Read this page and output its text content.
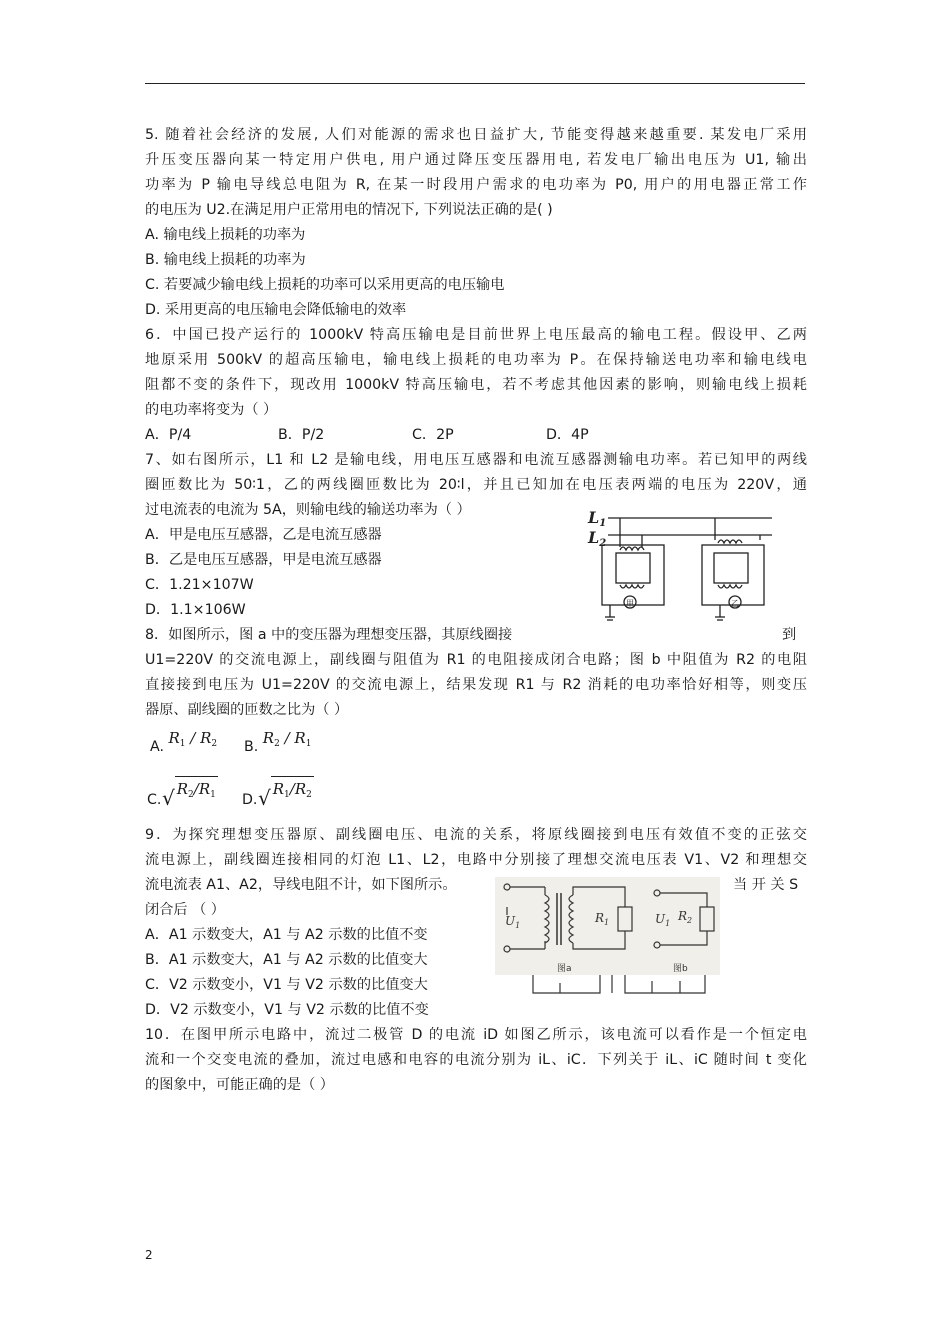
5. 随着社会经济的发展, 人们对能源的需求也日益扩大, 节能变得越来越重要. 某发电厂采用
升压变压器向某一特定用户供电, 用户通过降压变压器用电, 若发电厂输出电压为 U1, 输出
功率为 P 输电导线总电阻为 R, 在某一时段用户需求的电功率为 P0, 用户的用电器正常工作
的电压为 U2.在满足用户正常用电的情况下, 下列说法正确的是( )
A. 输电线上损耗的功率为
B. 输电线上损耗的功率为
C. 若要减少输电线上损耗的功率可以采用更高的电压输电
D. 采用更高的电压输电会降低输电的效率
6．中国已投产运行的 1000kV 特高压输电是目前世界上电压最高的输电工程。假设甲、乙两
地原采用 500kV 的超高压输电，输电线上损耗的电功率为 P。在保持输送电功率和输电线电
阻都不变的条件下，现改用 1000kV 特高压输电，若不考虑其他因素的影响，则输电线上损耗
的电功率将变为（ ）
A．P/4	B．P/2	C．2P	D．4P
7、如右图所示，L1 和 L2 是输电线，用电压互感器和电流互感器测输电功率。若已知甲的两线
圈匝数比为 50∶1，乙的两线圈匝数比为 20∶l，并且已知加在电压表两端的电压为 220V，通
过电流表的电流为 5A，则输电线的输送功率为（ ）
A．甲是电压互感器，乙是电流互感器
B．乙是电压互感器，甲是电流互感器
C．1.21×107W
D．1.1×106W
L1
L2
甲	乙
8．如图所示，图 a 中的变压器为理想变压器，其原线圈接	到
U1=220V 的交流电源上，副线圈与阻值为 R1 的电阻接成闭合电路；图 b 中阻值为 R2 的电阻
直接接到电压为 U1=220V 的交流电源上，结果发现 R1 与 R2 消耗的电功率恰好相等，则变压
器原、副线圈的匝数之比为（ ）
A. $R_1 / R_2$ B. $R_2 / R_1$
C. √ $R_2/R_1$ D. √ $R_1/R_2$
9．为探究理想变压器原、副线圈电压、电流的关系，将原线圈接到电压有效值不变的正弦交
流电源上，副线圈连接相同的灯泡 L1、L2，电路中分别接了理想交流电压表 V1、V2 和理想交
流电流表 A1、A2，导线电阻不计，如下图所示。	当 开 关 S
闭合后 （ ）
A．A1 示数变大，A1 与 A2 示数的比值不变
B．A1 示数变大，A1 与 A2 示数的比值变大
C．V2 示数变小，V1 与 V2 示数的比值变大
D．V2 示数变小，V1 与 V2 示数的比值不变
$U_1$
$R_1$	$U_1$
$R_2$
图a	图b
10．在图甲所示电路中，流过二极管 D 的电流 iD 如图乙所示，该电流可以看作是一个恒定电
流和一个交变电流的叠加，流过电感和电容的电流分别为 iL、iC．下列关于 iL、iC 随时间 t 变化
的图象中，可能正确的是（ ）
2
